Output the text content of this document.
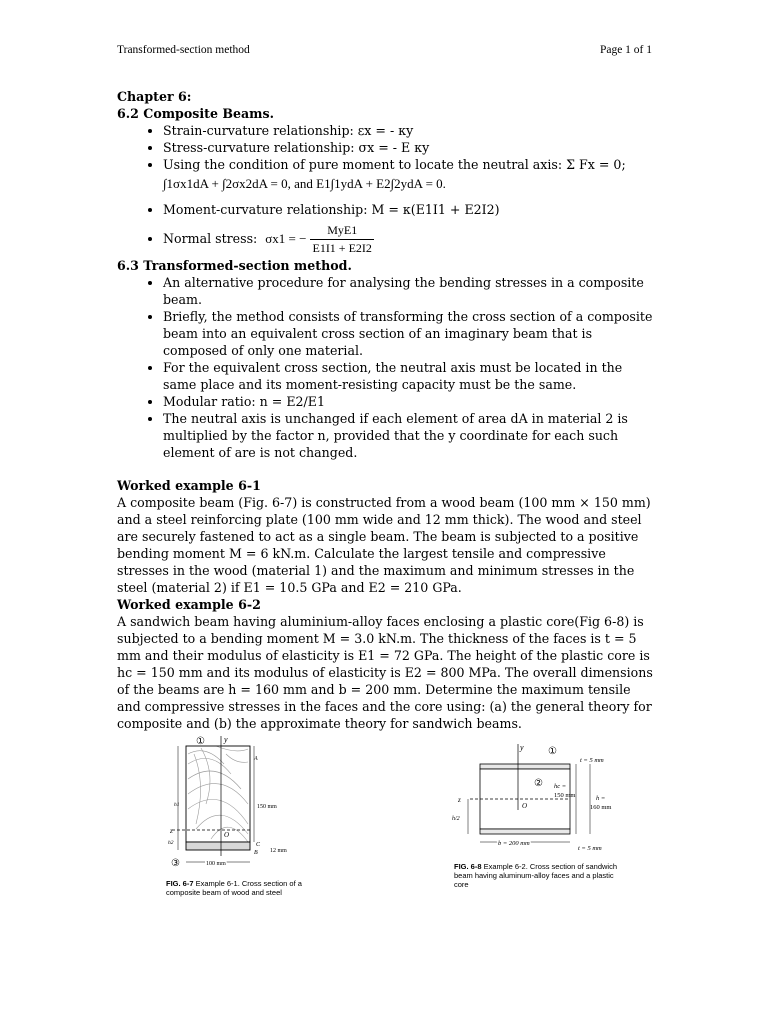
Transformed-section method	Page 1 of 1

Chapter 6:

6.2 Composite Beams.

• Strain-curvature relationship: εx = - κy
• Stress-curvature relationship: σx = - E κy
• Using the condition of pure moment to locate the neutral axis: Σ Fx = 0;
∫1σx1dA + ∫2σx2dA = 0, and E1∫1ydA + E2∫2ydA = 0.
• Moment-curvature relationship: M = κ(E1I1 + E2I2)
• Normal stress: σx1 = − $\frac{\text{MyE1}}{E1I1 + E2I2}$

6.3 Transformed-section method.

• An alternative procedure for analysing the bending stresses in a composite beam.
• Briefly, the method consists of transforming the cross section of a composite beam into an equivalent cross section of an imaginary beam that is composed of only one material.
• For the equivalent cross section, the neutral axis must be located in the same place and its moment-resisting capacity must be the same.
• Modular ratio: n = E2/E1
• The neutral axis is unchanged if each element of area dA in material 2 is multiplied by the factor n, provided that the y coordinate for each such element of are is not changed.

Worked example 6-1

A composite beam (Fig. 6-7) is constructed from a wood beam (100 mm × 150 mm) and a steel reinforcing plate (100 mm wide and 12 mm thick). The wood and steel are securely fastened to act as a single beam. The beam is subjected to a positive bending moment M = 6 kN.m. Calculate the largest tensile and compressive stresses in the wood (material 1) and the maximum and minimum stresses in the steel (material 2) if E1 = 10.5 GPa and E2 = 210 GPa.

Worked example 6-2

A sandwich beam having aluminium-alloy faces enclosing a plastic core(Fig 6-8) is subjected to a bending moment M = 3.0 kN.m. The thickness of the faces is t = 5 mm and their modulus of elasticity is E1 = 72 GPa. The height of the plastic core is hc = 150 mm and its modulus of elasticity is E2 = 800 MPa. The overall dimensions of the beams are h = 160 mm and b = 200 mm. Determine the maximum tensile and compressive stresses in the faces and the core using: (a) the general theory for composite and (b) the approximate theory for sandwich beams.

①
③
y
z	O
A
B
C
h1
h2
150 mm
12 mm
100 mm
FIG. 6-7 Example 6-1. Cross section of a composite beam of wood and steel
y
z
O
①
②
t = 5 mm
t = 5 mm
hc =
150 mm	h =
160 mm
h/2
b = 200 mm
FIG. 6-8 Example 6-2. Cross section of sandwich beam having aluminum-alloy faces and a plastic core
